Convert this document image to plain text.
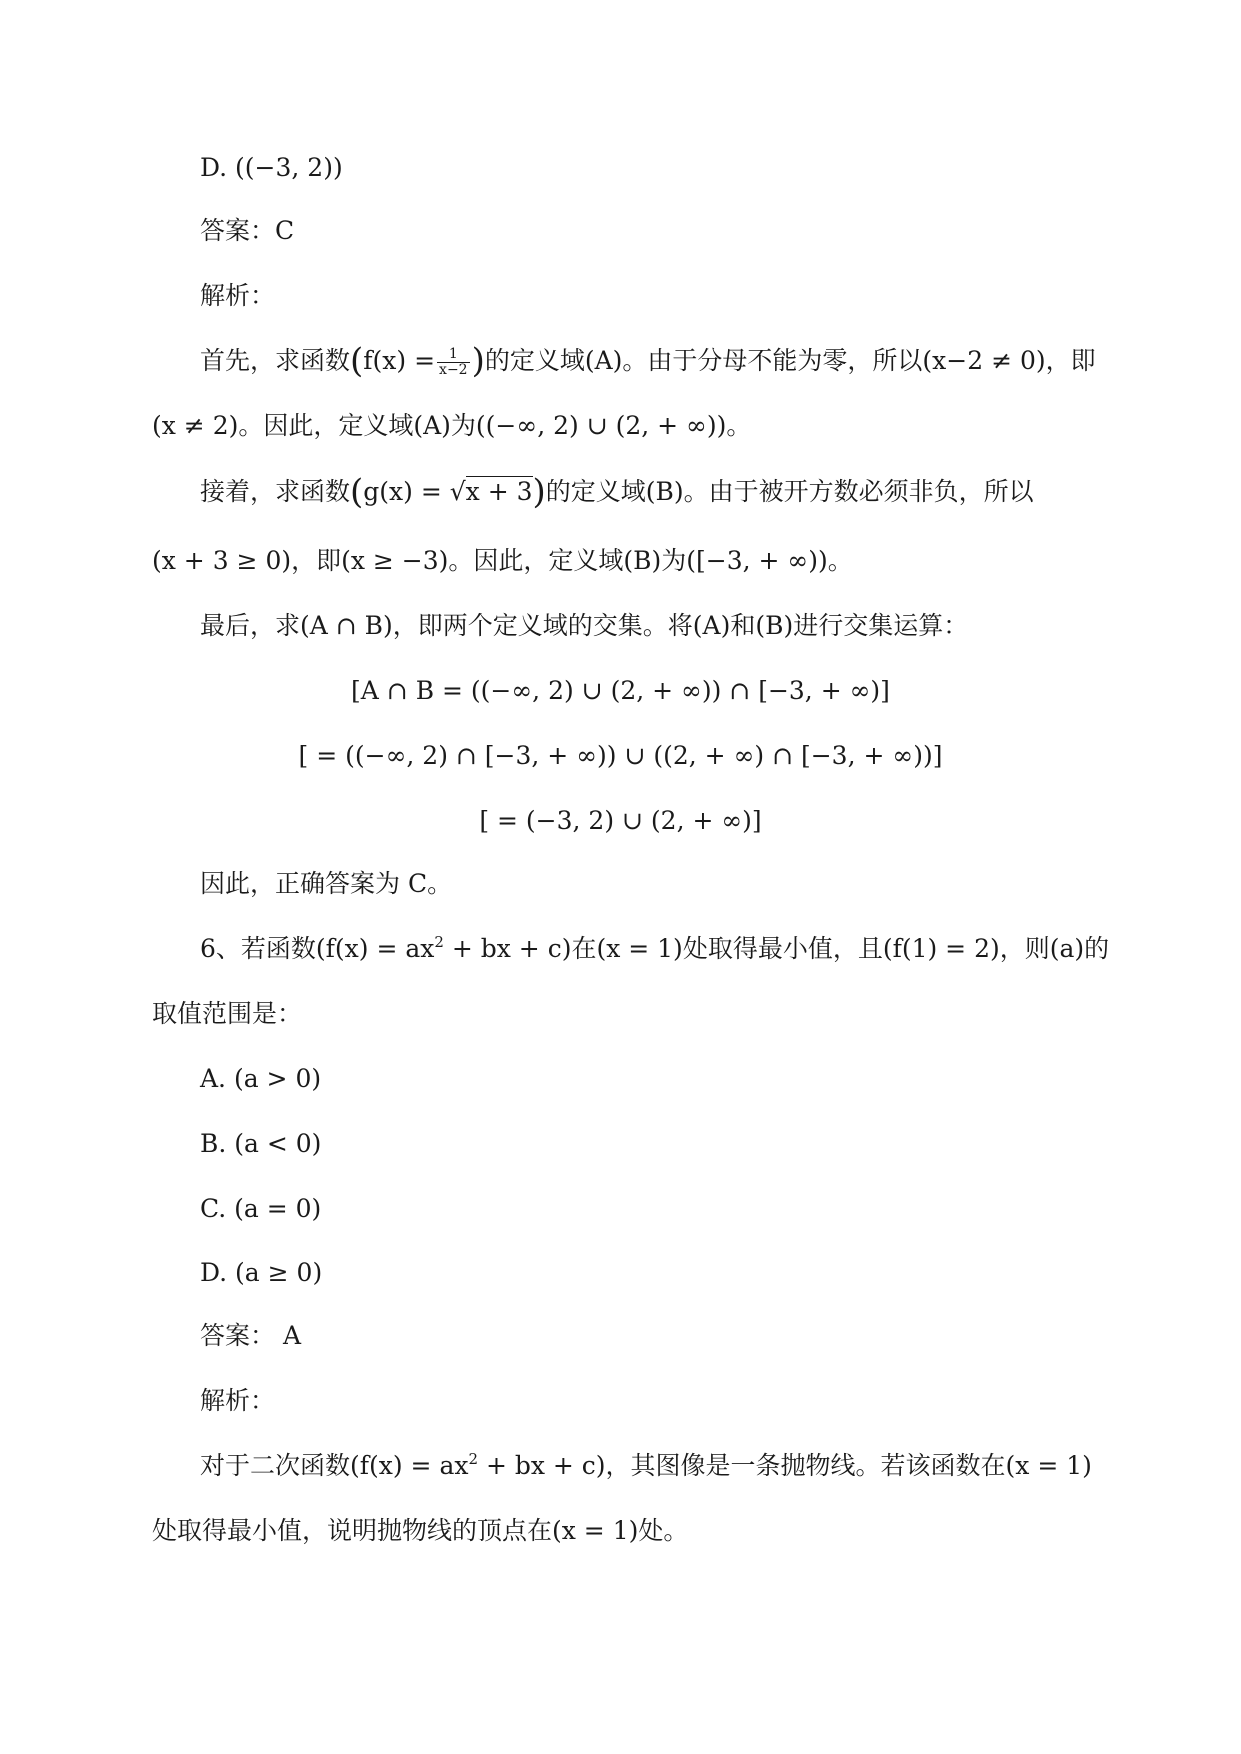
D. ((−3, 2))
答案：C
解析：
首先，求函数($f(x) = \frac{1}{x-2}$ )的定义域(A)。由于分母不能为零，所以(x−2 ≠ 0)，即
(x ≠ 2)。因此，定义域(A)为((−∞, 2) ∪ (2, + ∞))。
接着，求函数(g(x) = √x + 3)的定义域(B)。由于被开方数必须非负，所以
(x + 3 ≥ 0)，即(x ≥ −3)。因此，定义域(B)为([−3, + ∞))。
最后，求(A ∩ B)，即两个定义域的交集。将(A)和(B)进行交集运算：
[A ∩ B = ((−∞, 2) ∪ (2, + ∞)) ∩ [−3, + ∞)]
[ = ((−∞, 2) ∩ [−3, + ∞)) ∪ ((2, + ∞) ∩ [−3, + ∞))]
[ = (−3, 2) ∪ (2, + ∞)]
因此，正确答案为 C。
6、若函数($f(x) = ax^2$ + bx + c)在(x = 1)处取得最小值，且(f(1) = 2)，则(a)的
取值范围是：
A. (a > 0)
B. (a < 0)
C. (a = 0)
D. (a ≥ 0)
答案： A
解析：
对于二次函数($f(x) = ax^2$ + bx + c)，其图像是一条抛物线。若该函数在(x = 1)
处取得最小值，说明抛物线的顶点在(x = 1)处。
